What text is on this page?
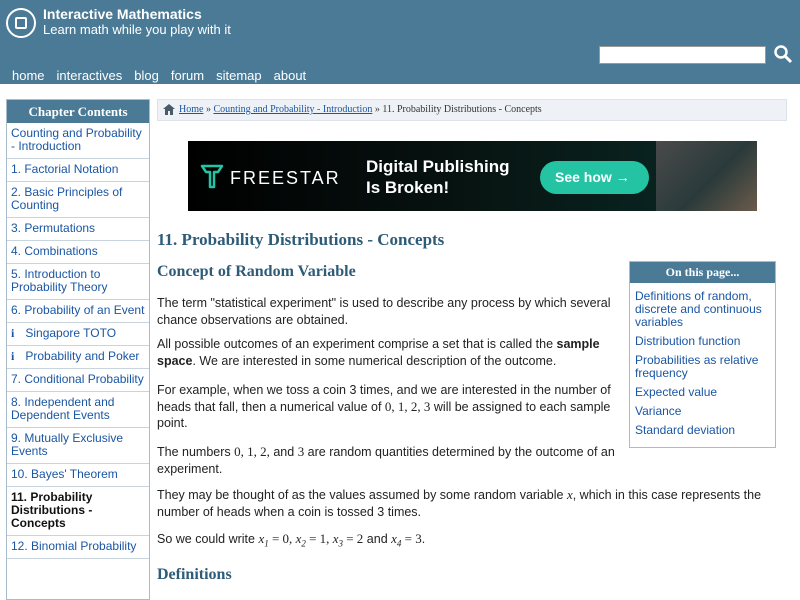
Interactive Mathematics
Learn math while you play with it
home interactives blog forum sitemap about
Chapter Contents
Counting and Probability - Introduction
1. Factorial Notation
2. Basic Principles of Counting
3. Permutations
4. Combinations
5. Introduction to Probability Theory
6. Probability of an Event
i Singapore TOTO
i Probability and Poker
7. Conditional Probability
8. Independent and Dependent Events
9. Mutually Exclusive Events
10. Bayes' Theorem
11. Probability Distributions - Concepts
12. Binomial Probability
Home » Counting and Probability - Introduction » 11. Probability Distributions - Concepts
FREESTAR
Digital Publishing
Is Broken!
See how →
11. Probability Distributions - Concepts
Concept of Random Variable	On this page...
Definitions of random, discrete and continuous variables
Distribution function
Probabilities as relative frequency
Expected value
Variance
Standard deviation
The term "statistical experiment" is used to describe any process by which several chance observations are obtained.
All possible outcomes of an experiment comprise a set that is called the sample space. We are interested in some numerical description of the outcome.
For example, when we toss a coin 3 times, and we are interested in the number of heads that fall, then a numerical value of 0, 1, 2, 3 will be assigned to each sample point.
The numbers 0, 1, 2, and 3 are random quantities determined by the outcome of an experiment.
They may be thought of as the values assumed by some random variable x, which in this case represents the number of heads when a coin is tossed 3 times.
So we could write $x_1 = 0$, $x_2 = 1$, $x_3 = 2$ and $x_4 = 3$.
Definitions
